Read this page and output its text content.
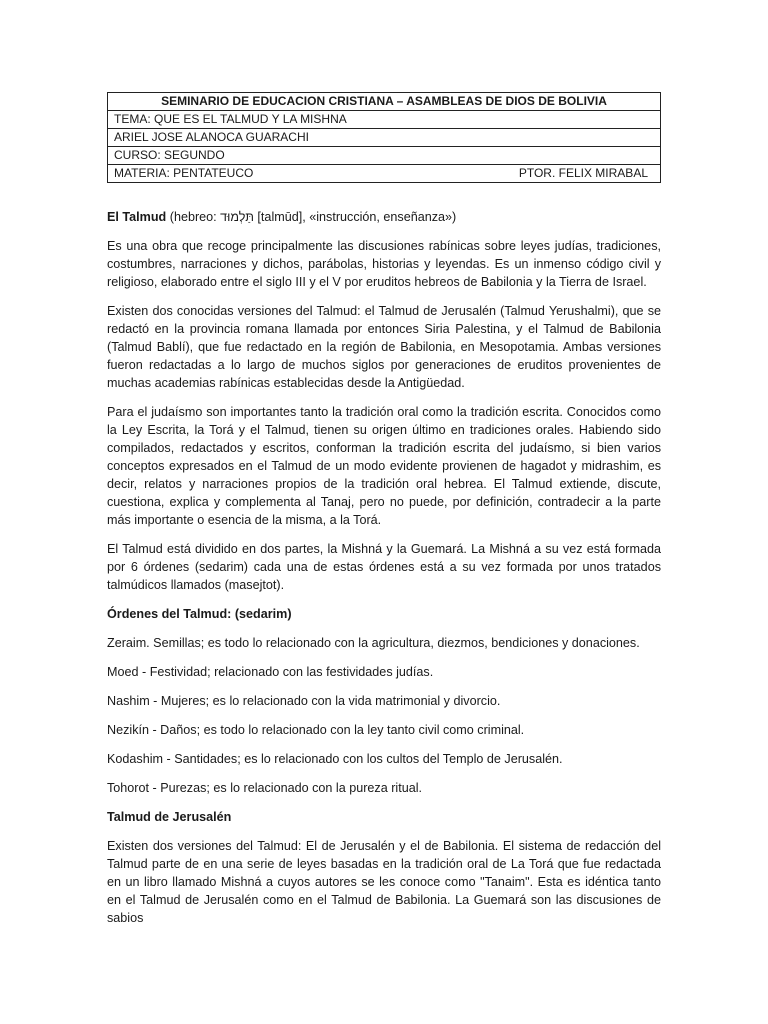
SEMINARIO DE EDUCACION CRISTIANA – ASAMBLEAS DE DIOS DE BOLIVIA
TEMA: QUE ES EL TALMUD Y LA MISHNA
ARIEL JOSE ALANOCA GUARACHI
CURSO: SEGUNDO

MATERIA: PENTATEUCO	PTOR. FELIX MIRABAL

El Talmud (hebreo: תַּלְמוּד [talmūd], «instrucción, enseñanza»)

Es una obra que recoge principalmente las discusiones rabínicas sobre leyes judías, tradiciones, costumbres, narraciones y dichos, parábolas, historias y leyendas. Es un inmenso código civil y religioso, elaborado entre el siglo III y el V por eruditos hebreos de Babilonia y la Tierra de Israel.

Existen dos conocidas versiones del Talmud: el Talmud de Jerusalén (Talmud Yerushalmi), que se redactó en la provincia romana llamada por entonces Siria Palestina, y el Talmud de Babilonia (Talmud Bablí), que fue redactado en la región de Babilonia, en Mesopotamia. Ambas versiones fueron redactadas a lo largo de muchos siglos por generaciones de eruditos provenientes de muchas academias rabínicas establecidas desde la Antigüedad.

Para el judaísmo son importantes tanto la tradición oral como la tradición escrita. Conocidos como la Ley Escrita, la Torá y el Talmud, tienen su origen último en tradiciones orales. Habiendo sido compilados, redactados y escritos, conforman la tradición escrita del judaísmo, si bien varios conceptos expresados en el Talmud de un modo evidente provienen de hagadot y midrashim, es decir, relatos y narraciones propios de la tradición oral hebrea. El Talmud extiende, discute, cuestiona, explica y complementa al Tanaj, pero no puede, por definición, contradecir a la parte más importante o esencia de la misma, a la Torá.

El Talmud está dividido en dos partes, la Mishná y la Guemará. La Mishná a su vez está formada por 6 órdenes (sedarim) cada una de estas órdenes está a su vez formada por unos tratados talmúdicos llamados (masejtot).

Órdenes del Talmud: (sedarim)

Zeraim. Semillas; es todo lo relacionado con la agricultura, diezmos, bendiciones y donaciones.

Moed - Festividad; relacionado con las festividades judías.

Nashim - Mujeres; es lo relacionado con la vida matrimonial y divorcio.

Nezikín - Daños; es todo lo relacionado con la ley tanto civil como criminal.

Kodashim - Santidades; es lo relacionado con los cultos del Templo de Jerusalén.

Tohorot - Purezas; es lo relacionado con la pureza ritual.

Talmud de Jerusalén

Existen dos versiones del Talmud: El de Jerusalén y el de Babilonia. El sistema de redacción del Talmud parte de en una serie de leyes basadas en la tradición oral de La Torá que fue redactada en un libro llamado Mishná a cuyos autores se les conoce como "Tanaim". Esta es idéntica tanto en el Talmud de Jerusalén como en el Talmud de Babilonia. La Guemará son las discusiones de sabios
